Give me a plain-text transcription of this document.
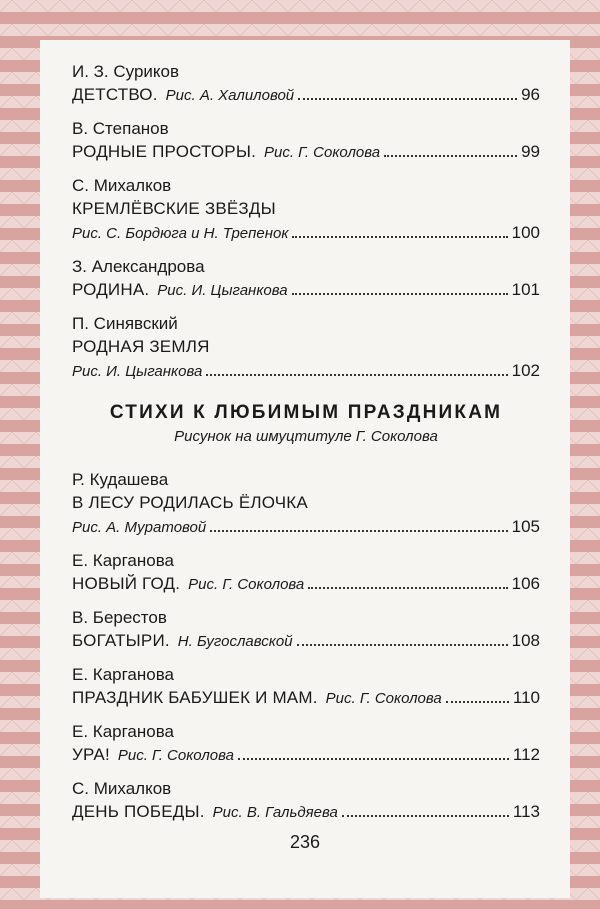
И. З. Суриков
ДЕТСТВО. Рис. А. Халиловой	96
В. Степанов
РОДНЫЕ ПРОСТОРЫ. Рис. Г. Соколова	99
С. Михалков
КРЕМЛЁВСКИЕ ЗВЁЗДЫ
Рис. С. Бордюга и Н. Трепенок	100
З. Александрова
РОДИНА. Рис. И. Цыганкова	101
П. Синявский
РОДНАЯ ЗЕМЛЯ
Рис. И. Цыганкова	102
СТИХИ К ЛЮБИМЫМ ПРАЗДНИКАМ
Рисунок на шмуцтитуле Г. Соколова
Р. Кудашева
В ЛЕСУ РОДИЛАСЬ ЁЛОЧКА
Рис. А. Муратовой	105
Е. Карганова
НОВЫЙ ГОД. Рис. Г. Соколова	106
В. Берестов
БОГАТЫРИ. Н. Бугославской	108
Е. Карганова
ПРАЗДНИК БАБУШЕК И МАМ. Рис. Г. Соколова	110
Е. Карганова
УРА! Рис. Г. Соколова	112
С. Михалков
ДЕНЬ ПОБЕДЫ. Рис. В. Гальдяева	113
236
